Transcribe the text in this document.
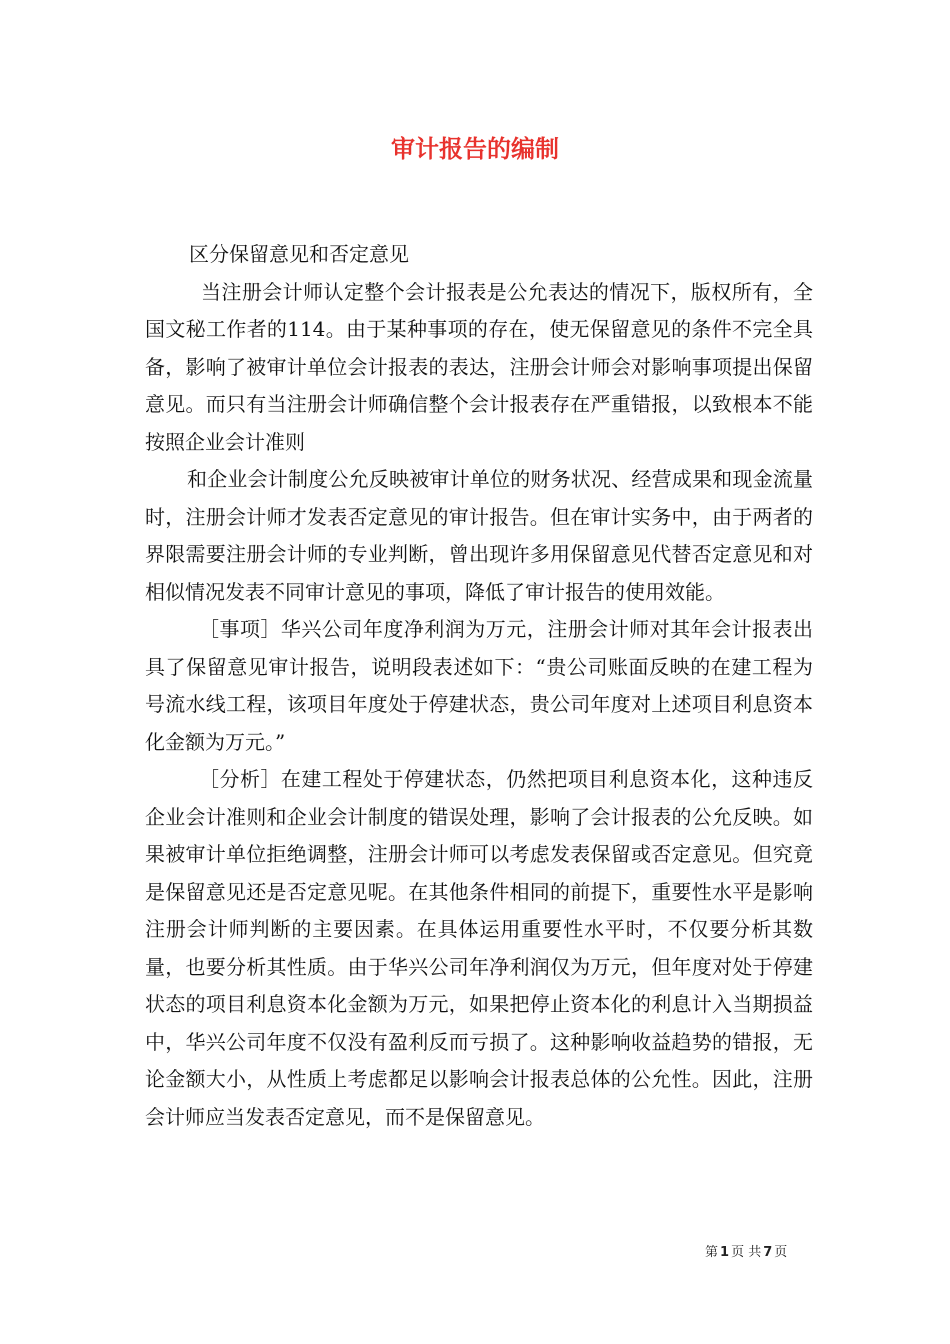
审计报告的编制

区分保留意见和否定意见

当注册会计师认定整个会计报表是公允表达的情况下，版权所有，全国文秘工作者的114。由于某种事项的存在，使无保留意见的条件不完全具备，影响了被审计单位会计报表的表达，注册会计师会对影响事项提出保留意见。而只有当注册会计师确信整个会计报表存在严重错报，以致根本不能按照企业会计准则

和企业会计制度公允反映被审计单位的财务状况、经营成果和现金流量时，注册会计师才发表否定意见的审计报告。但在审计实务中，由于两者的界限需要注册会计师的专业判断，曾出现许多用保留意见代替否定意见和对相似情况发表不同审计意见的事项，降低了审计报告的使用效能。

［事项］华兴公司年度净利润为万元，注册会计师对其年会计报表出具了保留意见审计报告，说明段表述如下：“贵公司账面反映的在建工程为号流水线工程，该项目年度处于停建状态，贵公司年度对上述项目利息资本化金额为万元。”

［分析］在建工程处于停建状态，仍然把项目利息资本化，这种违反企业会计准则和企业会计制度的错误处理，影响了会计报表的公允反映。如果被审计单位拒绝调整，注册会计师可以考虑发表保留或否定意见。但究竟是保留意见还是否定意见呢。在其他条件相同的前提下，重要性水平是影响注册会计师判断的主要因素。在具体运用重要性水平时，不仅要分析其数量，也要分析其性质。由于华兴公司年净利润仅为万元，但年度对处于停建状态的项目利息资本化金额为万元，如果把停止资本化的利息计入当期损益中，华兴公司年度不仅没有盈利反而亏损了。这种影响收益趋势的错报，无论金额大小，从性质上考虑都足以影响会计报表总体的公允性。因此，注册会计师应当发表否定意见，而不是保留意见。

第 1 页 共 7 页
